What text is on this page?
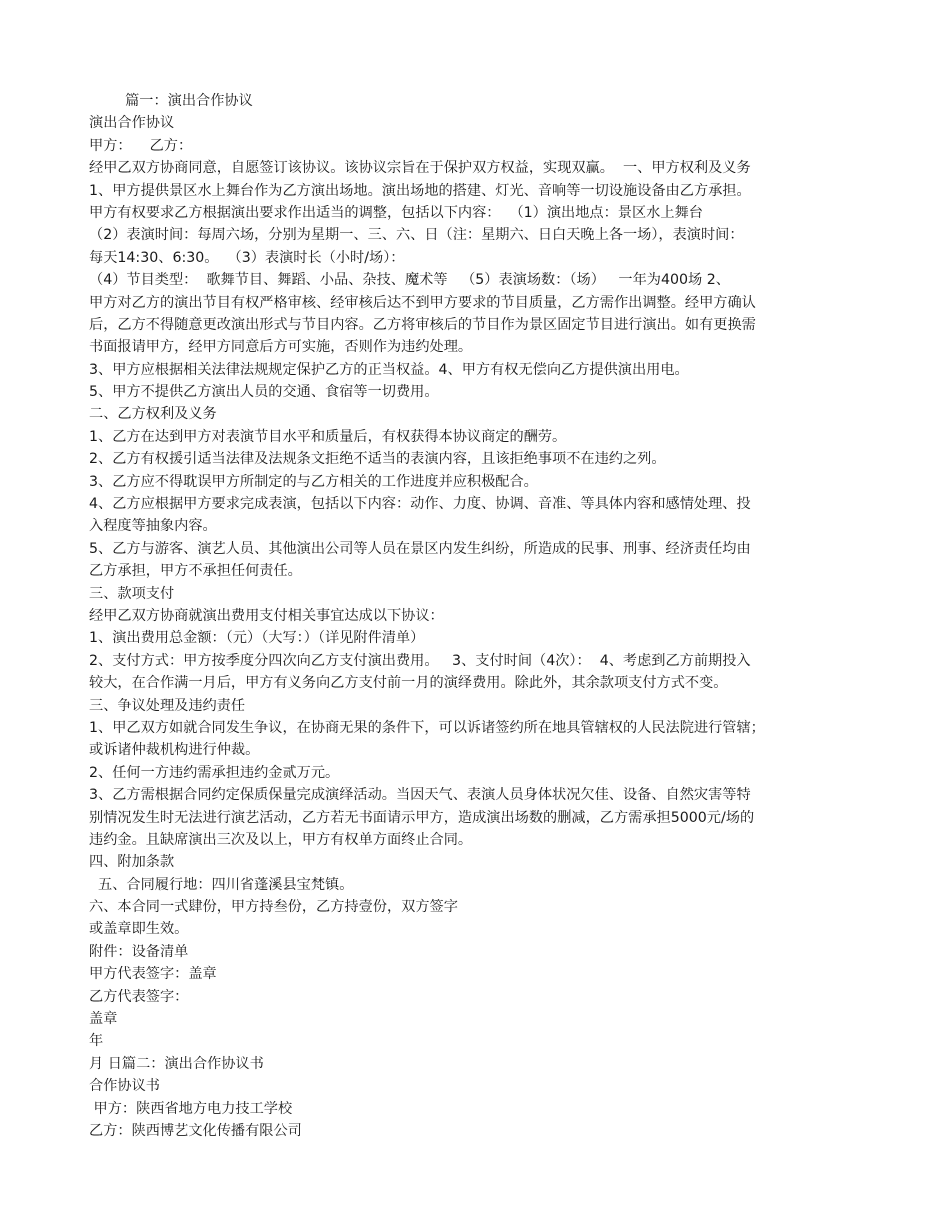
篇一：演出合作协议
演出合作协议
甲方：    乙方：
经甲乙双方协商同意，自愿签订该协议。该协议宗旨在于保护双方权益，实现双赢。  一、甲方权利及义务
1、甲方提供景区水上舞台作为乙方演出场地。演出场地的搭建、灯光、音响等一切设施设备由乙方承担。
甲方有权要求乙方根据演出要求作出适当的调整，包括以下内容：  （1）演出地点：景区水上舞台
（2）表演时间：每周六场，分别为星期一、三、六、日（注：星期六、日白天晚上各一场），表演时间：
每天14:30、6:30。  （3）表演时长（小时/场）：
（4）节目类型：  歌舞节目、舞蹈、小品、杂技、魔术等   （5）表演场数：（场）   一年为400场 2、
甲方对乙方的演出节目有权严格审核、经审核后达不到甲方要求的节目质量，乙方需作出调整。经甲方确认
后，乙方不得随意更改演出形式与节目内容。乙方将审核后的节目作为景区固定节目进行演出。如有更换需
书面报请甲方，经甲方同意后方可实施，否则作为违约处理。
3、甲方应根据相关法律法规规定保护乙方的正当权益。4、甲方有权无偿向乙方提供演出用电。
5、甲方不提供乙方演出人员的交通、食宿等一切费用。
二、乙方权利及义务
1、乙方在达到甲方对表演节目水平和质量后，有权获得本协议商定的酬劳。
2、乙方有权援引适当法律及法规条文拒绝不适当的表演内容，且该拒绝事项不在违约之列。
3、乙方应不得耽误甲方所制定的与乙方相关的工作进度并应积极配合。
4、乙方应根据甲方要求完成表演，包括以下内容：动作、力度、协调、音准、等具体内容和感情处理、投
入程度等抽象内容。
5、乙方与游客、演艺人员、其他演出公司等人员在景区内发生纠纷，所造成的民事、刑事、经济责任均由
乙方承担，甲方不承担任何责任。
三、款项支付
经甲乙双方协商就演出费用支付相关事宜达成以下协议：
1、演出费用总金额：（元）（大写：）（详见附件清单）
2、支付方式：甲方按季度分四次向乙方支付演出费用。   3、支付时间（4次）：  4、考虑到乙方前期投入
较大，在合作满一月后，甲方有义务向乙方支付前一月的演绎费用。除此外，其余款项支付方式不变。
三、争议处理及违约责任
1、甲乙双方如就合同发生争议，在协商无果的条件下，可以诉诸签约所在地具管辖权的人民法院进行管辖；
或诉诸仲裁机构进行仲裁。
2、任何一方违约需承担违约金贰万元。
3、乙方需根据合同约定保质保量完成演绎活动。当因天气、表演人员身体状况欠佳、设备、自然灾害等特
别情况发生时无法进行演艺活动，乙方若无书面请示甲方，造成演出场数的删减，乙方需承担5000元/场的
违约金。且缺席演出三次及以上，甲方有权单方面终止合同。
四、附加条款
五、合同履行地：四川省蓬溪县宝梵镇。
六、本合同一式肆份，甲方持叁份，乙方持壹份，双方签字
或盖章即生效。
附件：设备清单
甲方代表签字：盖章
乙方代表签字：
盖章
年
月 日篇二：演出合作协议书
合作协议书
甲方：陕西省地方电力技工学校
乙方：陕西博艺文化传播有限公司
